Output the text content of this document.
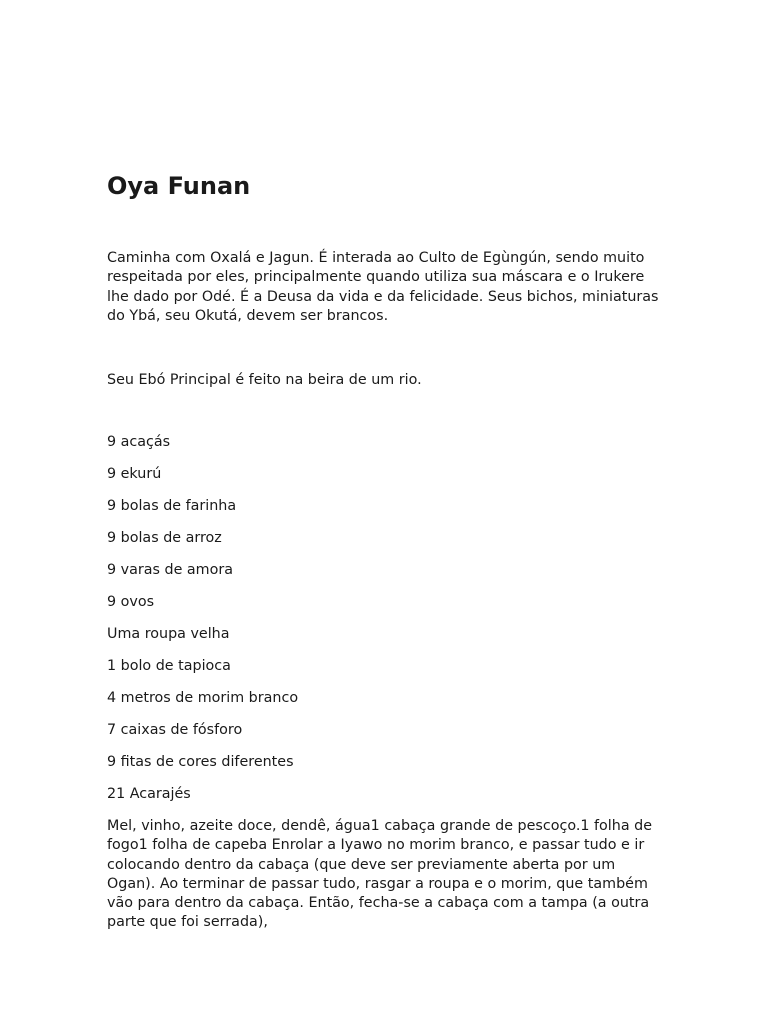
Oya Funan

Caminha com Oxalá e Jagun. É interada ao Culto de Egùngún, sendo muito respeitada por eles, principalmente quando utiliza sua máscara e o Irukere lhe dado por Odé. É a Deusa da vida e da felicidade. Seus bichos, miniaturas do Ybá, seu Okutá, devem ser brancos.

Seu Ebó Principal é feito na beira de um rio.

9 acaçás
9 ekurú
9 bolas de farinha
9 bolas de arroz
9 varas de amora
9 ovos
Uma roupa velha
1 bolo de tapioca
4 metros de morim branco
7 caixas de fósforo
9 fitas de cores diferentes
21 Acarajés

Mel, vinho, azeite doce, dendê, água1 cabaça grande de pescoço.1 folha de fogo1 folha de capeba Enrolar a Iyawo no morim branco, e passar tudo e ir colocando dentro da cabaça (que deve ser previamente aberta por um Ogan). Ao terminar de passar tudo, rasgar a roupa e o morim, que também vão para dentro da cabaça. Então, fecha-se a cabaça com a tampa (a outra parte que foi serrada),
